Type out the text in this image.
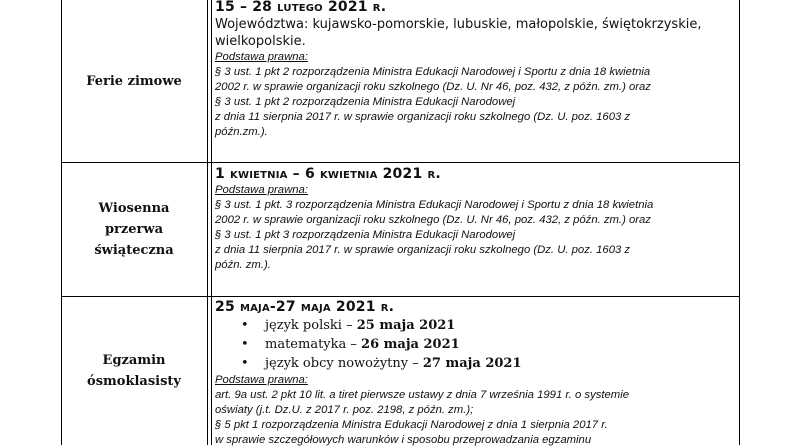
Ferie zimowe
15 – 28 lutego 2021 r.
Województwa: kujawsko-pomorskie, lubuskie, małopolskie, świętokrzyskie, wielkopolskie.
Podstawa prawna:
§ 3 ust. 1 pkt 2 rozporządzenia Ministra Edukacji Narodowej i Sportu z dnia 18 kwietnia
2002 r. w sprawie organizacji roku szkolnego (Dz. U. Nr 46, poz. 432, z późn. zm.) oraz
§ 3 ust. 1 pkt 2 rozporządzenia Ministra Edukacji Narodowej
z dnia 11 sierpnia 2017 r. w sprawie organizacji roku szkolnego (Dz. U. poz. 1603 z
późn.zm.).
Wiosenna przerwa świąteczna
1 kwietnia – 6 kwietnia 2021 r.
Podstawa prawna:
§ 3 ust. 1 pkt. 3 rozporządzenia Ministra Edukacji Narodowej i Sportu z dnia 18 kwietnia
2002 r. w sprawie organizacji roku szkolnego (Dz. U. Nr 46, poz. 432, z późn. zm.) oraz
§ 3 ust. 1 pkt 3 rozporządzenia Ministra Edukacji Narodowej
z dnia 11 sierpnia 2017 r. w sprawie organizacji roku szkolnego (Dz. U. poz. 1603 z
późn. zm.).
Egzamin ósmoklasisty
25 maja-27 maja 2021 r.
• język polski – 25 maja 2021
• matematyka – 26 maja 2021
• język obcy nowożytny – 27 maja 2021
Podstawa prawna:
art. 9a ust. 2 pkt 10 lit. a tiret pierwsze ustawy z dnia 7 września 1991 r. o systemie
oświaty (j.t. Dz.U. z 2017 r. poz. 2198, z późn. zm.);
§ 5 pkt 1 rozporządzenia Ministra Edukacji Narodowej z dnia 1 sierpnia 2017 r.
w sprawie szczegółowych warunków i sposobu przeprowadzania egzaminu
